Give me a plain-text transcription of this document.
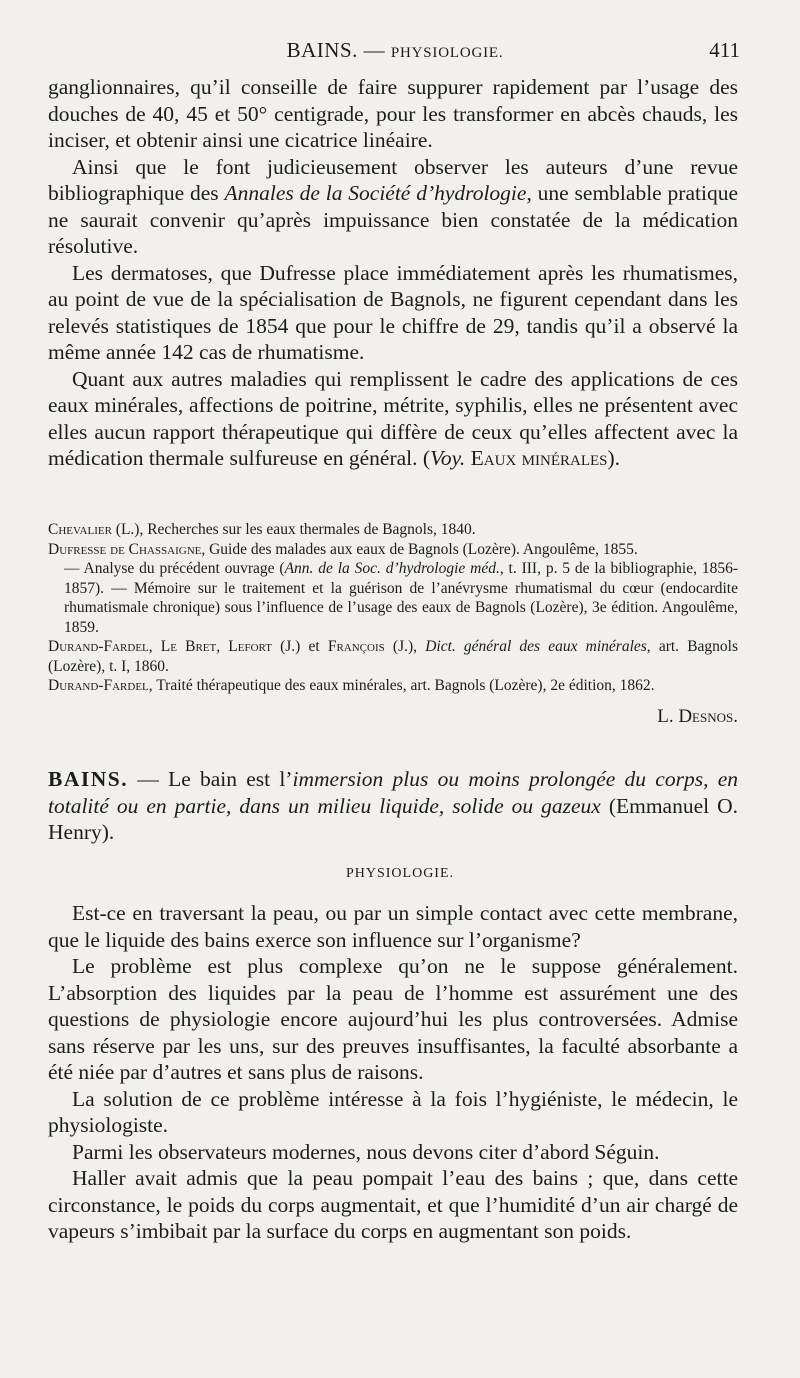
BAINS. — PHYSIOLOGIE.	411

ganglionnaires, qu’il conseille de faire suppurer rapidement par l’usage des douches de 40, 45 et 50° centigrade, pour les transformer en abcès chauds, les inciser, et obtenir ainsi une cicatrice linéaire.

Ainsi que le font judicieusement observer les auteurs d’une revue bibliographique des Annales de la Société d’hydrologie, une semblable pratique ne saurait convenir qu’après impuissance bien constatée de la médication résolutive.

Les dermatoses, que Dufresse place immédiatement après les rhumatismes, au point de vue de la spécialisation de Bagnols, ne figurent cependant dans les relevés statistiques de 1854 que pour le chiffre de 29, tandis qu’il a observé la même année 142 cas de rhumatisme.

Quant aux autres maladies qui remplissent le cadre des applications de ces eaux minérales, affections de poitrine, métrite, syphilis, elles ne présentent avec elles aucun rapport thérapeutique qui diffère de ceux qu’elles affectent avec la médication thermale sulfureuse en général. (Voy. Eaux minérales).

Chevalier (L.), Recherches sur les eaux thermales de Bagnols, 1840.

Dufresse de Chassaigne, Guide des malades aux eaux de Bagnols (Lozère). Angoulême, 1855.

— Analyse du précédent ouvrage (Ann. de la Soc. d’hydrologie méd., t. III, p. 5 de la bibliographie, 1856-1857). — Mémoire sur le traitement et la guérison de l’anévrysme rhumatismal du cœur (endocardite rhumatismale chronique) sous l’influence de l’usage des eaux de Bagnols (Lozère), 3e édition. Angoulême, 1859.

Durand-Fardel, Le Bret, Lefort (J.) et François (J.), Dict. général des eaux minérales, art. Bagnols (Lozère), t. I, 1860.

Durand-Fardel, Traité thérapeutique des eaux minérales, art. Bagnols (Lozère), 2e édition, 1862.

L. Desnos.

BAINS. — Le bain est l’immersion plus ou moins prolongée du corps, en totalité ou en partie, dans un milieu liquide, solide ou gazeux (Emmanuel O. Henry).

PHYSIOLOGIE.

Est-ce en traversant la peau, ou par un simple contact avec cette membrane, que le liquide des bains exerce son influence sur l’organisme?

Le problème est plus complexe qu’on ne le suppose généralement. L’absorption des liquides par la peau de l’homme est assurément une des questions de physiologie encore aujourd’hui les plus controversées. Admise sans réserve par les uns, sur des preuves insuffisantes, la faculté absorbante a été niée par d’autres et sans plus de raisons.

La solution de ce problème intéresse à la fois l’hygiéniste, le médecin, le physiologiste.

Parmi les observateurs modernes, nous devons citer d’abord Séguin.

Haller avait admis que la peau pompait l’eau des bains ; que, dans cette circonstance, le poids du corps augmentait, et que l’humidité d’un air chargé de vapeurs s’imbibait par la surface du corps en augmentant son poids.
